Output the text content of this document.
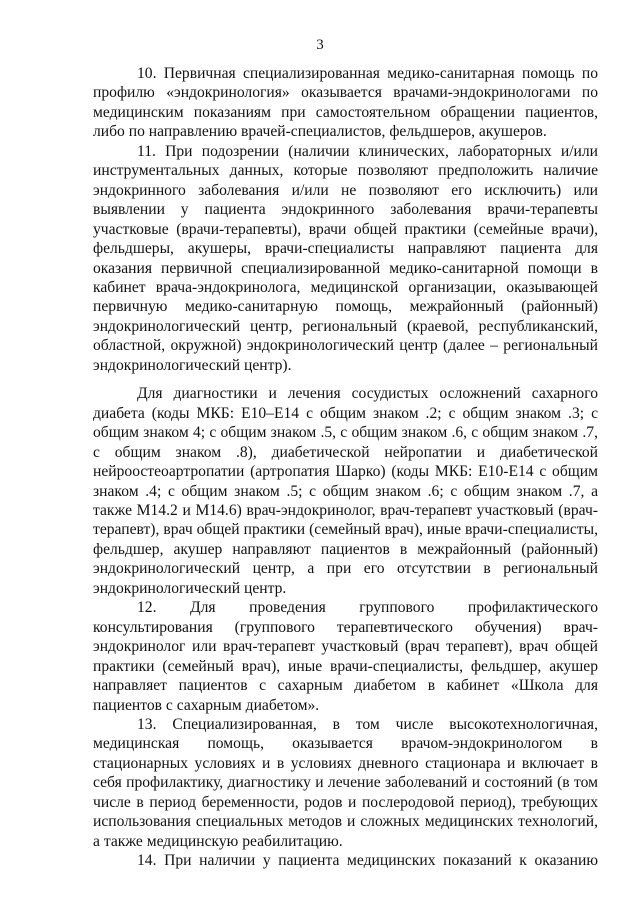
3

10. Первичная специализированная медико-санитарная помощь по профилю «эндокринология» оказывается врачами-эндокринологами по медицинским показаниям при самостоятельном обращении пациентов, либо по направлению врачей-специалистов, фельдшеров, акушеров.

11. При подозрении (наличии клинических, лабораторных и/или инструментальных данных, которые позволяют предположить наличие эндокринного заболевания и/или не позволяют его исключить) или выявлении у пациента эндокринного заболевания врачи-терапевты участковые (врачи-терапевты), врачи общей практики (семейные врачи), фельдшеры, акушеры, врачи-специалисты направляют пациента для оказания первичной специализированной медико-санитарной помощи в кабинет врача-эндокринолога, медицинской организации, оказывающей первичную медико-санитарную помощь, межрайонный (районный) эндокринологический центр, региональный (краевой, республиканский, областной, окружной) эндокринологический центр (далее – региональный эндокринологический центр).

Для диагностики и лечения сосудистых осложнений сахарного диабета (коды МКБ: Е10–Е14 с общим знаком .2; с общим знаком .3; с общим знаком 4; с общим знаком .5, с общим знаком .6, с общим знаком .7, с общим знаком .8), диабетической нейропатии и диабетической нейроостеоартропатии (артропатия Шарко) (коды МКБ: Е10-Е14 с общим знаком .4; с общим знаком .5; с общим знаком .6; с общим знаком .7, а также М14.2 и М14.6) врач-эндокринолог, врач-терапевт участковый (врач-терапевт), врач общей практики (семейный врач), иные врачи-специалисты, фельдшер, акушер направляют пациентов в межрайонный (районный) эндокринологический центр, а при его отсутствии в региональный эндокринологический центр.

12. Для проведения группового профилактического консультирования (группового терапевтического обучения) врач-эндокринолог или врач-терапевт участковый (врач терапевт), врач общей практики (семейный врач), иные врачи-специалисты, фельдшер, акушер направляет пациентов с сахарным диабетом в кабинет «Школа для пациентов с сахарным диабетом».

13. Специализированная, в том числе высокотехнологичная, медицинская помощь, оказывается врачом-эндокринологом в стационарных условиях и в условиях дневного стационара и включает в себя профилактику, диагностику и лечение заболеваний и состояний (в том числе в период беременности, родов и послеродовой период), требующих использования специальных методов и сложных медицинских технологий, а также медицинскую реабилитацию.

14. При наличии у пациента медицинских показаний к оказанию
